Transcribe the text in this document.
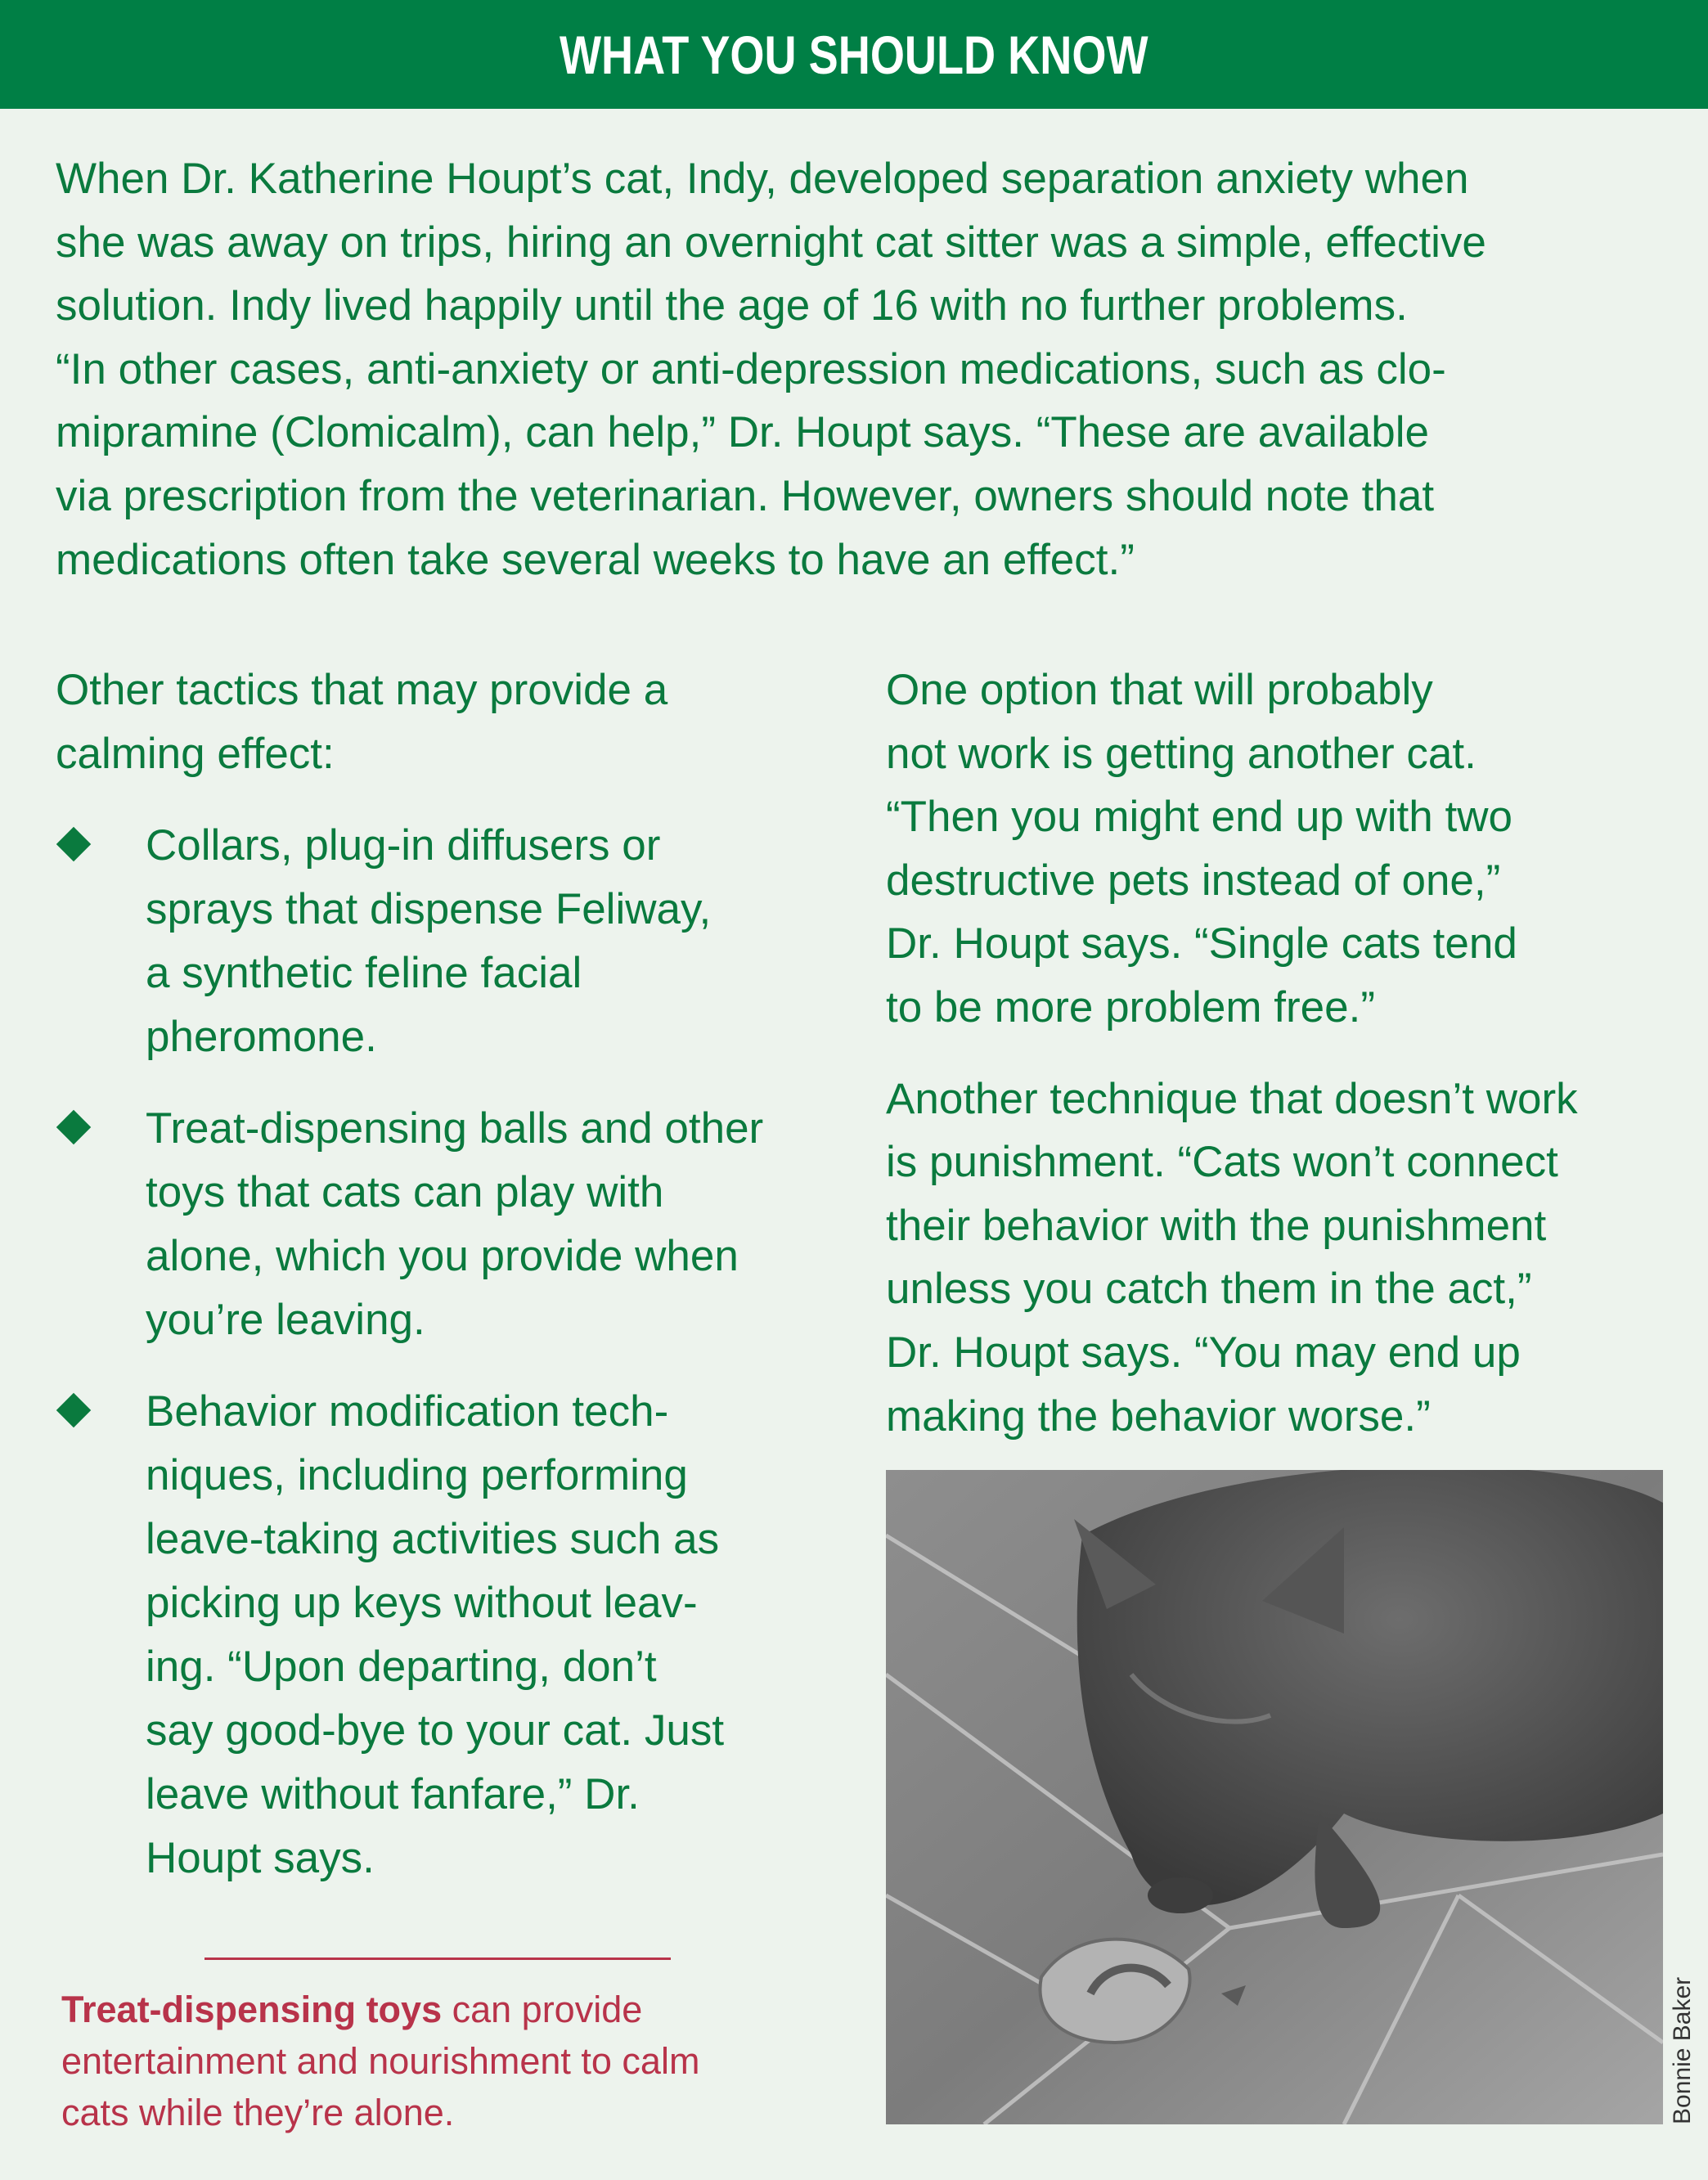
WHAT YOU SHOULD KNOW

When Dr. Katherine Houpt’s cat, Indy, developed separation anxiety when
she was away on trips, hiring an overnight cat sitter was a simple, effective
solution. Indy lived happily until the age of 16 with no further problems.
“In other cases, anti-anxiety or anti-depression medications, such as clo-
mipramine (Clomicalm), can help,” Dr. Houpt says. “These are available
via prescription from the veterinarian. However, owners should note that
medications often take several weeks to have an effect.”

Other tactics that may provide a
calming effect:
Collars, plug-in diffusers or
sprays that dispense Feliway,
a synthetic feline facial
pheromone.
Treat-dispensing balls and other
toys that cats can play with
alone, which you provide when
you’re leaving.
Behavior modification tech-
niques, including performing
leave-taking activities such as
picking up keys without leav-
ing. “Upon departing, don’t
say good-bye to your cat. Just
leave without fanfare,” Dr.
Houpt says.
One option that will probably
not work is getting another cat.
“Then you might end up with two
destructive pets instead of one,”
Dr. Houpt says. “Single cats tend
to be more problem free.”
Another technique that doesn’t work
is punishment. “Cats won’t connect
their behavior with the punishment
unless you catch them in the act,”
Dr. Houpt says. “You may end up
making the behavior worse.”
Bonnie Baker
Treat-dispensing toys can provide
entertainment and nourishment to calm
cats while they’re alone.
